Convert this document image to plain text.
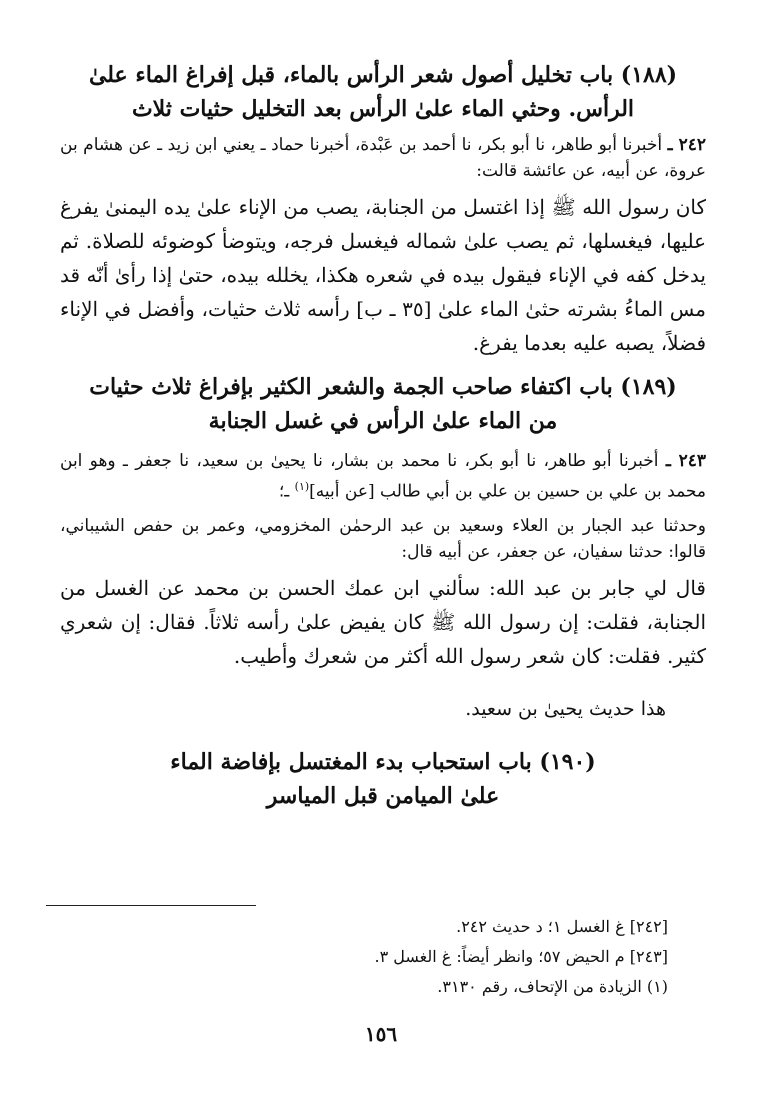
(١٨٨) باب تخليل أصول شعر الرأس بالماء، قبل إفراغ الماء علىٰ
الرأس. وحثي الماء علىٰ الرأس بعد التخليل حثيات ثلاث

٢٤٢ ـ أخبرنا أبو طاهر، نا أبو بكر، نا أحمد بن عَبْدة، أخبرنا حماد ـ يعني ابن زيد ـ عن هشام بن عروة، عن أبيه، عن عائشة قالت:

كان رسول الله ﷺ إذا اغتسل من الجنابة، يصب من الإناء علىٰ يده اليمنىٰ يفرغ عليها، فيغسلها، ثم يصب علىٰ شماله فيغسل فرجه، ويتوضأ كوضوئه للصلاة. ثم يدخل كفه في الإناء فيقول بيده في شعره هكذا، يخلله بيده، حتىٰ إذا رأىٰ أنّه قد مس الماءُ بشرته حثىٰ الماء علىٰ [٣٥ ـ ب] رأسه ثلاث حثيات، وأفضل في الإناء فضلاً، يصبه عليه بعدما يفرغ.

(١٨٩) باب اكتفاء صاحب الجمة والشعر الكثير بإفراغ ثلاث حثيات
من الماء علىٰ الرأس في غسل الجنابة

٢٤٣ ـ أخبرنا أبو طاهر، نا أبو بكر، نا محمد بن بشار، نا يحيىٰ بن سعيد، نا جعفر ـ وهو ابن محمد بن علي بن حسين بن علي بن أبي طالب [عن أبيه]$^{(١)}$ ـ؛

وحدثنا عبد الجبار بن العلاء وسعيد بن عبد الرحمٰن المخزومي، وعمر بن حفص الشيباني، قالوا: حدثنا سفيان، عن جعفر، عن أبيه قال:

قال لي جابر بن عبد الله: سألني ابن عمك الحسن بن محمد عن الغسل من الجنابة، فقلت: إن رسول الله ﷺ كان يفيض علىٰ رأسه ثلاثاً. فقال: إن شعري كثير. فقلت: كان شعر رسول الله أكثر من شعرك وأطيب.

هذا حديث يحيىٰ بن سعيد.

(١٩٠) باب استحباب بدء المغتسل بإفاضة الماء
علىٰ الميامن قبل المياسر
[٢٤٢] غ الغسل ١؛ د حديث ٢٤٢.
[٢٤٣] م الحيض ٥٧؛ وانظر أيضاً: غ الغسل ٣.
(١) الزيادة من الإتحاف، رقم ٣١٣٠.
١٥٦
